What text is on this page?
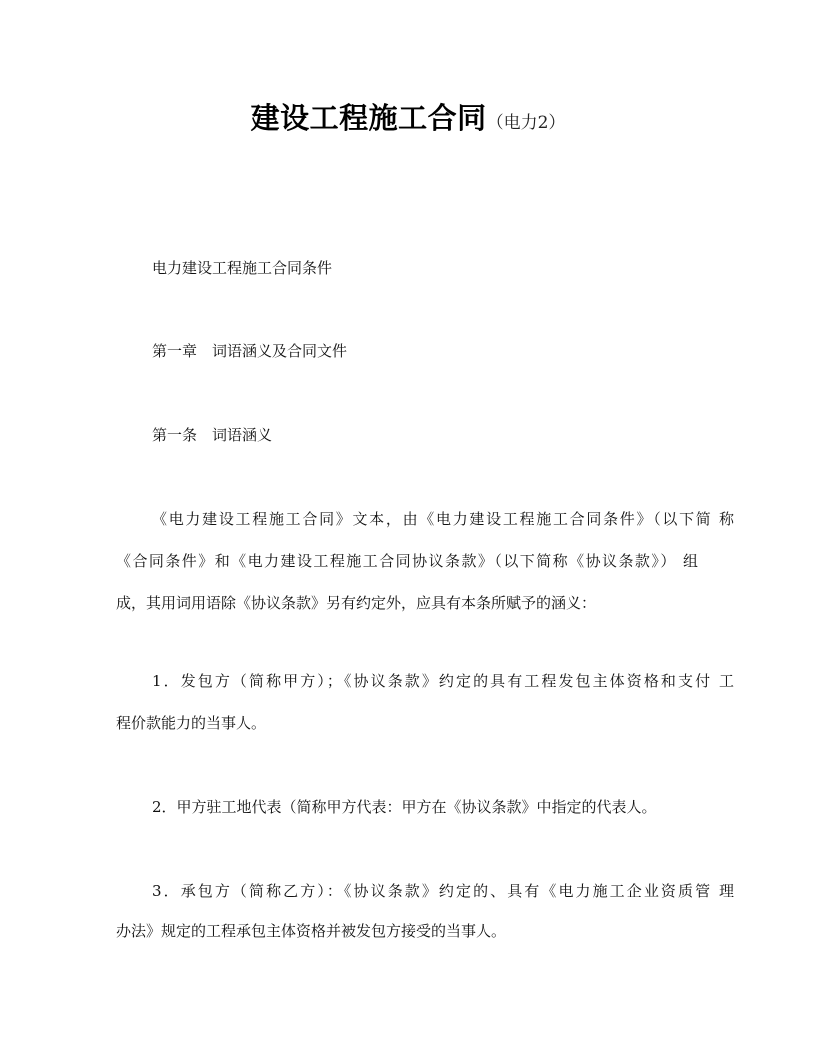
建设工程施工合同（电力2）
电力建设工程施工合同条件
第一章　词语涵义及合同文件
第一条　词语涵义
《电力建设工程施工合同》文本，由《电力建设工程施工合同条件》（以下简 称
《合同条件》和《电力建设工程施工合同协议条款》（以下简称《协议条款》） 组
成，其用词用语除《协议条款》另有约定外，应具有本条所赋予的涵义：
1．发包方（简称甲方）；《协议条款》约定的具有工程发包主体资格和支付 工
程价款能力的当事人。
2．甲方驻工地代表（简称甲方代表：甲方在《协议条款》中指定的代表人。
3．承包方（简称乙方）：《协议条款》约定的、具有《电力施工企业资质管 理
办法》规定的工程承包主体资格并被发包方接受的当事人。
